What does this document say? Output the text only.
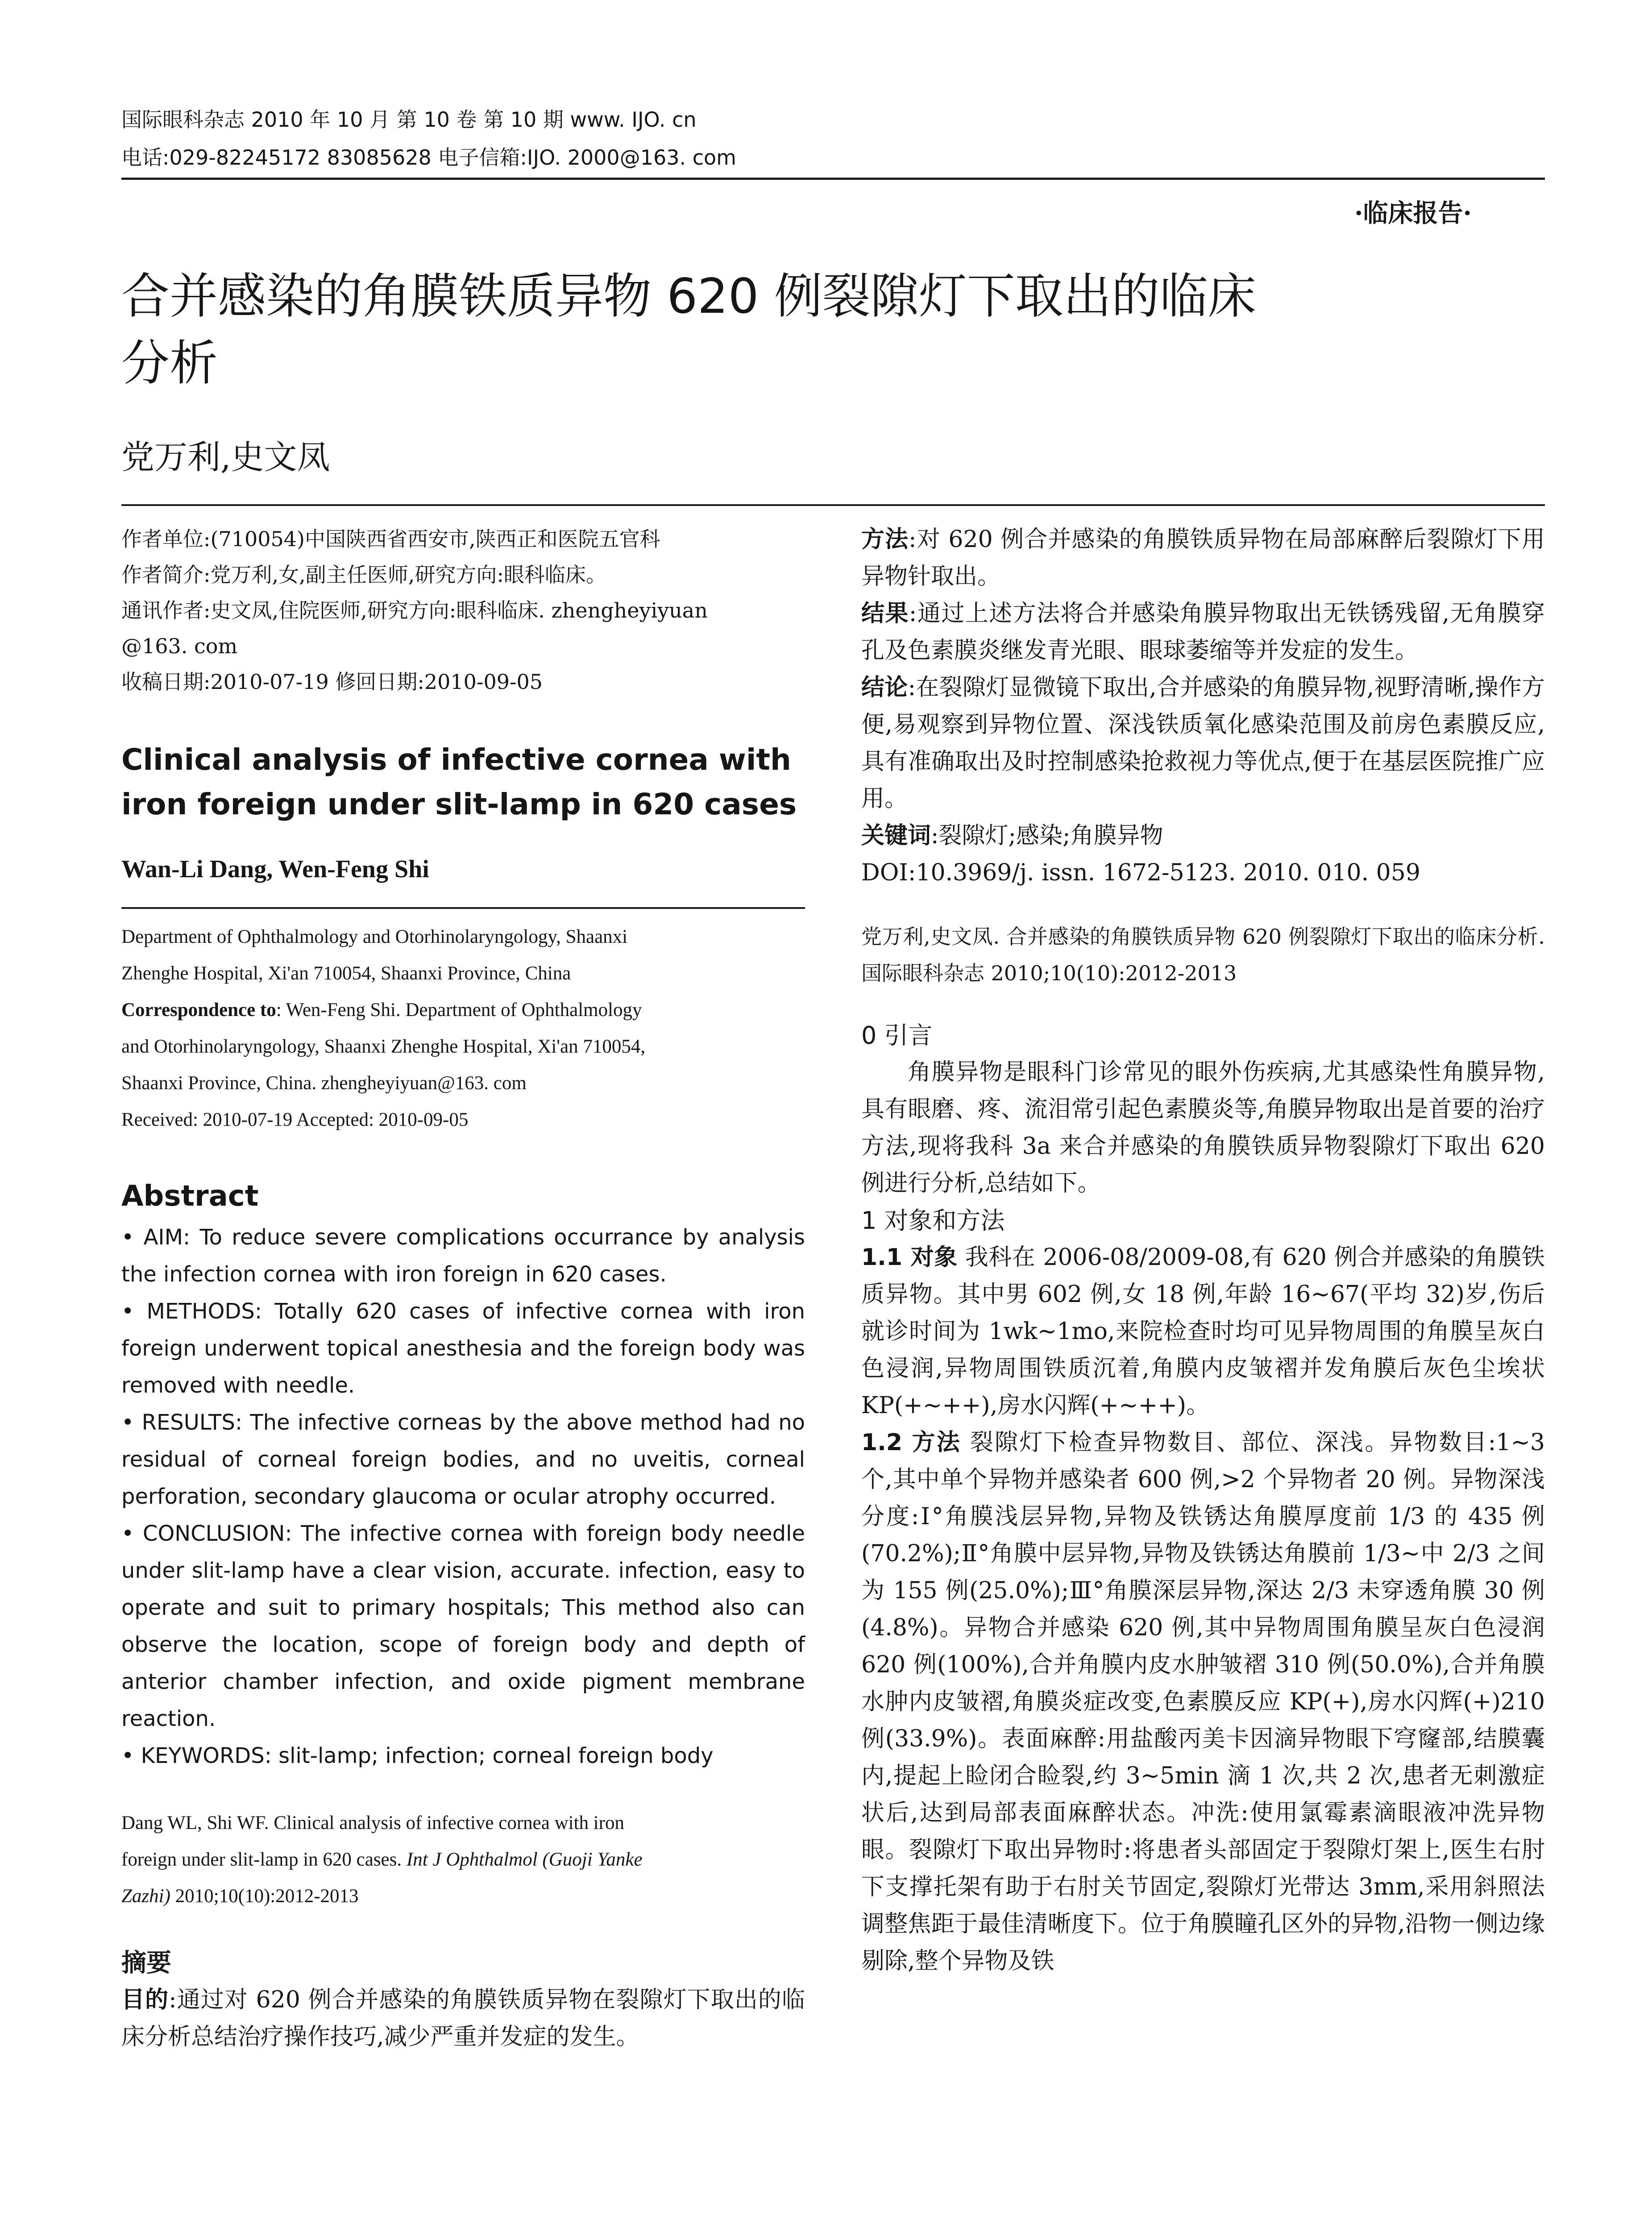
国际眼科杂志 2010 年 10 月 第 10 卷 第 10 期 www. IJO. cn
电话:029-82245172 83085628 电子信箱:IJO. 2000@163. com
·临床报告·
合并感染的角膜铁质异物 620 例裂隙灯下取出的临床
分析
党万利,史文凤
作者单位:(710054)中国陕西省西安市,陕西正和医院五官科
作者简介:党万利,女,副主任医师,研究方向:眼科临床。
通讯作者:史文凤,住院医师,研究方向:眼科临床. zhengheyiyuan
@163. com
收稿日期:2010-07-19 修回日期:2010-09-05
Clinical analysis of infective cornea with
iron foreign under slit-lamp in 620 cases
Wan-Li Dang, Wen-Feng Shi
Department of Ophthalmology and Otorhinolaryngology, Shaanxi
Zhenghe Hospital, Xi'an 710054, Shaanxi Province, China
Correspondence to: Wen-Feng Shi. Department of Ophthalmology
and Otorhinolaryngology, Shaanxi Zhenghe Hospital, Xi'an 710054,
Shaanxi Province, China. zhengheyiyuan@163. com
Received: 2010-07-19 Accepted: 2010-09-05
Abstract

• AIM: To reduce severe complications occurrance by analysis the infection cornea with iron foreign in 620 cases.

• METHODS: Totally 620 cases of infective cornea with iron foreign underwent topical anesthesia and the foreign body was removed with needle.

• RESULTS: The infective corneas by the above method had no residual of corneal foreign bodies, and no uveitis, corneal perforation, secondary glaucoma or ocular atrophy occurred.

• CONCLUSION: The infective cornea with foreign body needle under slit-lamp have a clear vision, accurate. infection, easy to operate and suit to primary hospitals; This method also can observe the location, scope of foreign body and depth of anterior chamber infection, and oxide pigment membrane reaction.

• KEYWORDS: slit-lamp; infection; corneal foreign body

Dang WL, Shi WF. Clinical analysis of infective cornea with iron
foreign under slit-lamp in 620 cases. Int J Ophthalmol (Guoji Yanke
Zazhi) 2010;10(10):2012-2013
摘要

目的:通过对 620 例合并感染的角膜铁质异物在裂隙灯下取出的临床分析总结治疗操作技巧,减少严重并发症的发生。

方法:对 620 例合并感染的角膜铁质异物在局部麻醉后裂隙灯下用异物针取出。

结果:通过上述方法将合并感染角膜异物取出无铁锈残留,无角膜穿孔及色素膜炎继发青光眼、眼球萎缩等并发症的发生。

结论:在裂隙灯显微镜下取出,合并感染的角膜异物,视野清晰,操作方便,易观察到异物位置、深浅铁质氧化感染范围及前房色素膜反应,具有准确取出及时控制感染抢救视力等优点,便于在基层医院推广应用。

关键词:裂隙灯;感染;角膜异物

DOI:10.3969/j. issn. 1672-5123. 2010. 010. 059

党万利,史文凤. 合并感染的角膜铁质异物 620 例裂隙灯下取出的临床分析. 国际眼科杂志 2010;10(10):2012-2013

0 引言

角膜异物是眼科门诊常见的眼外伤疾病,尤其感染性角膜异物,具有眼磨、疼、流泪常引起色素膜炎等,角膜异物取出是首要的治疗方法,现将我科 3a 来合并感染的角膜铁质异物裂隙灯下取出 620 例进行分析,总结如下。

1 对象和方法

1.1 对象 我科在 2006-08/2009-08,有 620 例合并感染的角膜铁质异物。其中男 602 例,女 18 例,年龄 16~67(平均 32)岁,伤后就诊时间为 1wk~1mo,来院检查时均可见异物周围的角膜呈灰白色浸润,异物周围铁质沉着,角膜内皮皱褶并发角膜后灰色尘埃状 KP(+~++),房水闪辉(+~++)。

1.2 方法 裂隙灯下检查异物数目、部位、深浅。异物数目:1~3 个,其中单个异物并感染者 600 例,>2 个异物者 20 例。异物深浅分度:Ⅰ°角膜浅层异物,异物及铁锈达角膜厚度前 1/3 的 435 例(70.2%);Ⅱ°角膜中层异物,异物及铁锈达角膜前 1/3~中 2/3 之间为 155 例(25.0%);Ⅲ°角膜深层异物,深达 2/3 未穿透角膜 30 例(4.8%)。异物合并感染 620 例,其中异物周围角膜呈灰白色浸润 620 例(100%),合并角膜内皮水肿皱褶 310 例(50.0%),合并角膜水肿内皮皱褶,角膜炎症改变,色素膜反应 KP(+),房水闪辉(+)210 例(33.9%)。表面麻醉:用盐酸丙美卡因滴异物眼下穹窿部,结膜囊内,提起上睑闭合睑裂,约 3~5min 滴 1 次,共 2 次,患者无刺激症状后,达到局部表面麻醉状态。冲洗:使用氯霉素滴眼液冲洗异物眼。裂隙灯下取出异物时:将患者头部固定于裂隙灯架上,医生右肘下支撑托架有助于右肘关节固定,裂隙灯光带达 3mm,采用斜照法调整焦距于最佳清晰度下。位于角膜瞳孔区外的异物,沿物一侧边缘剔除,整个异物及铁
